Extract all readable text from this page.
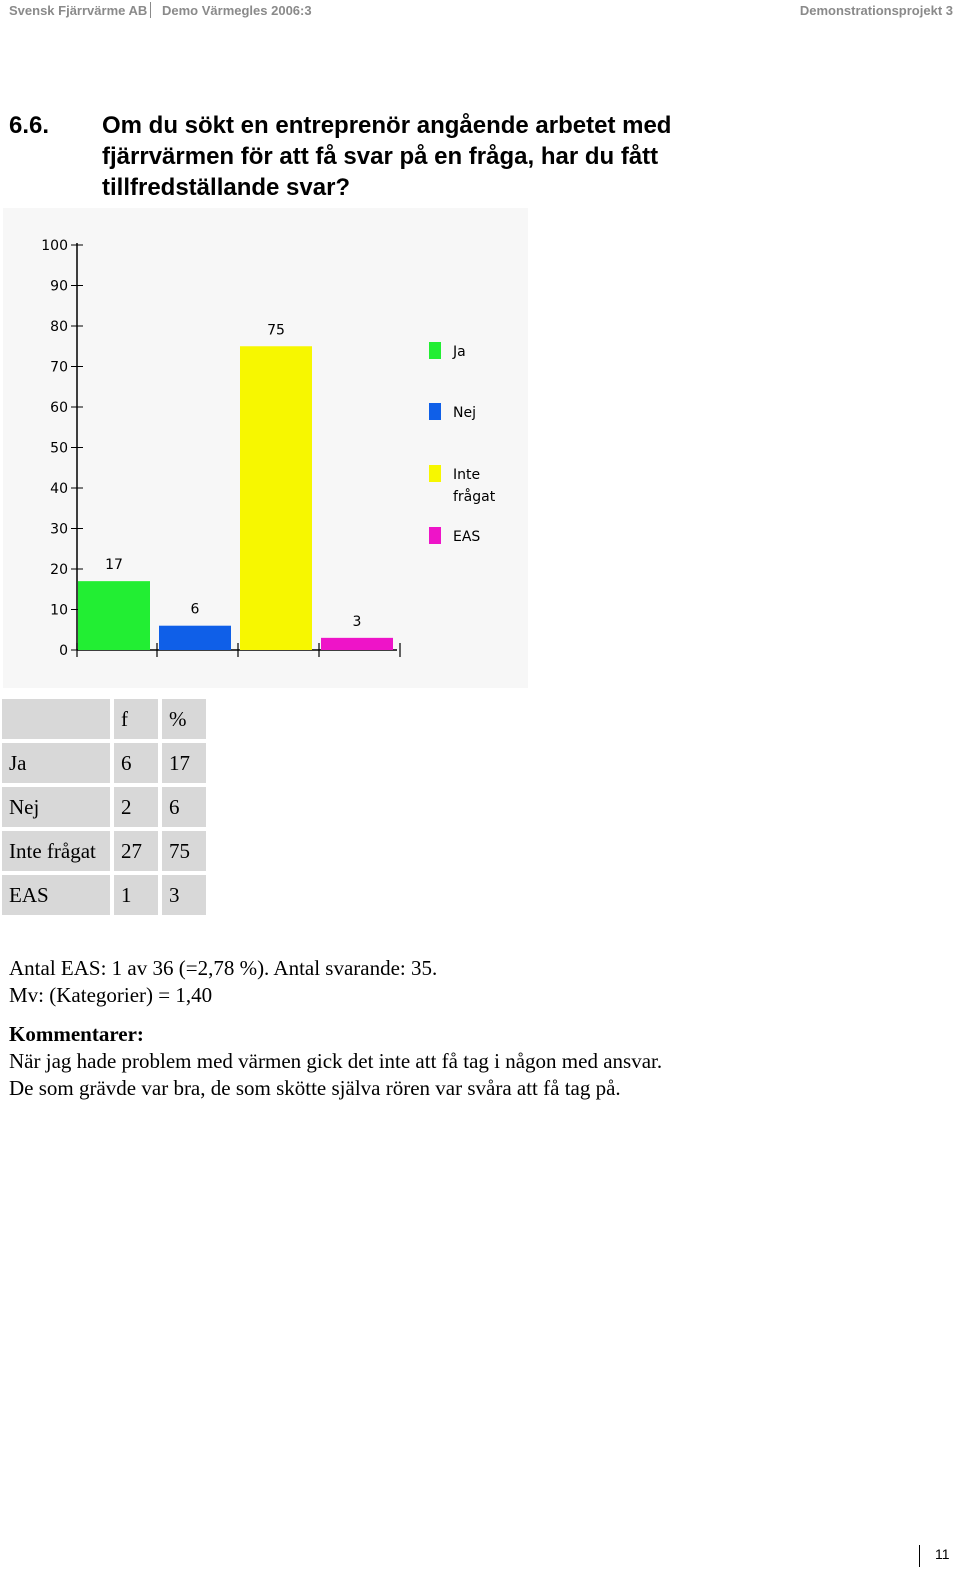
Svensk Fjärrvärme AB Demo Värmegles 2006:3	Demonstrationsprojekt 3
6.6. Om du sökt en entreprenör angående arbetet med fjärrvärmen för att få svar på en fråga, har du fått tillfredställande svar?
0
10
20
30
40
50
60
70
80
90
100
17
6
75
3
Ja
Nej
Inte
frågat
EAS
	f	%
Ja	6	17
Nej	2	6
Inte frågat	27	75
EAS	1	3
Antal EAS: 1 av 36 (=2,78 %). Antal svarande: 35.
Mv: (Kategorier) = 1,40
Kommentarer:
När jag hade problem med värmen gick det inte att få tag i någon med ansvar.
De som grävde var bra, de som skötte själva rören var svåra att få tag på.
11
